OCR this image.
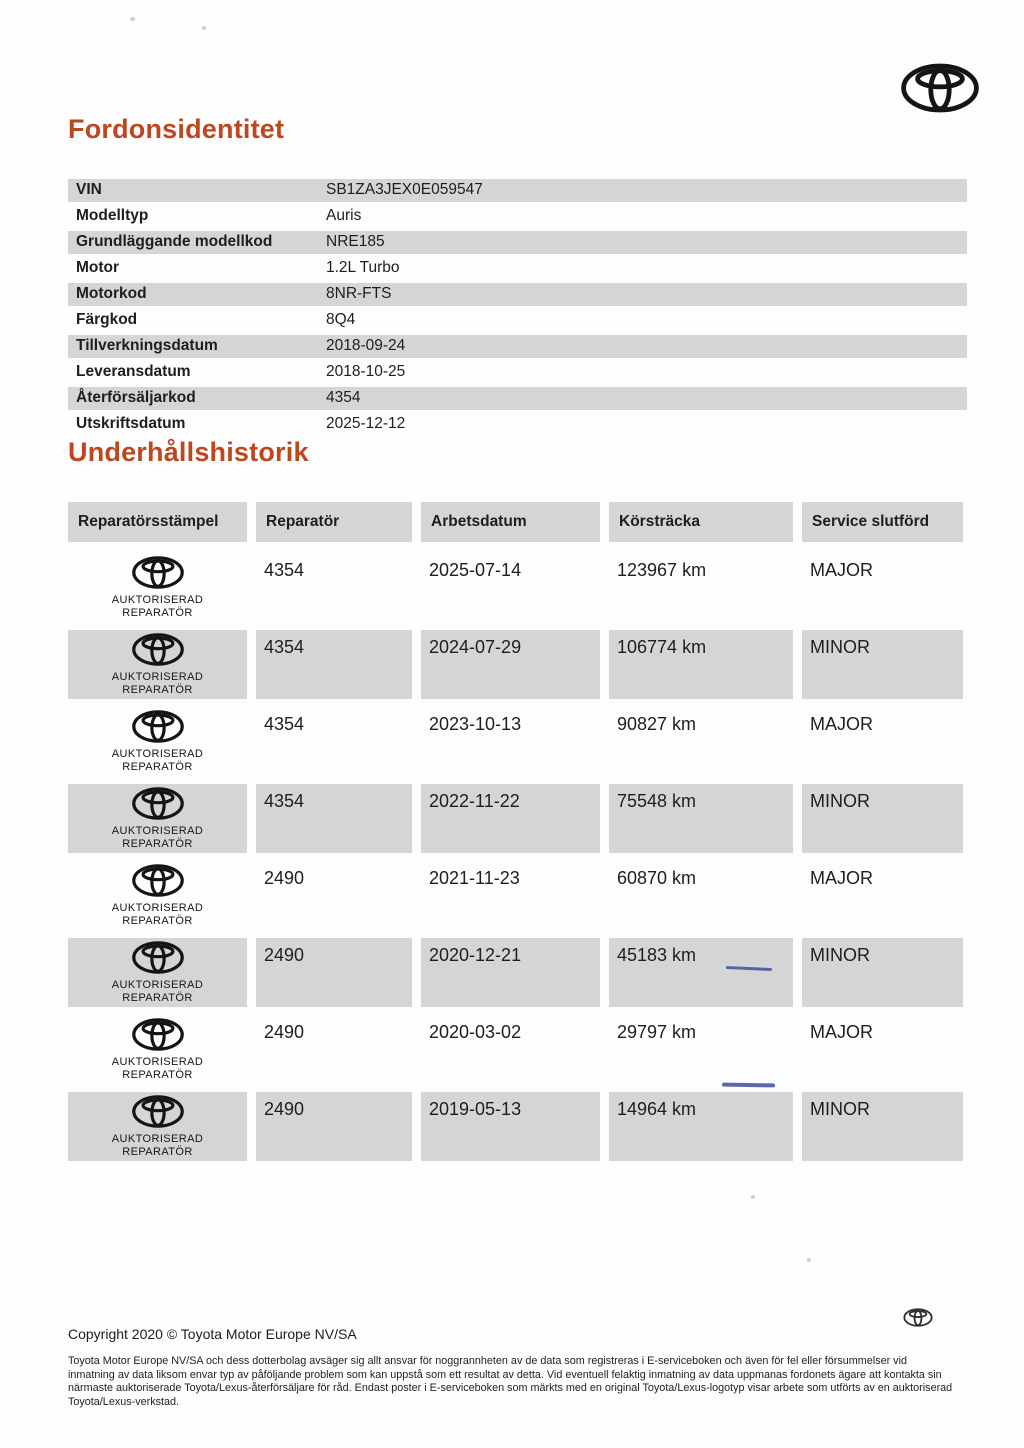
Fordonsidentitet
VIN	SB1ZA3JEX0E059547
Modelltyp	Auris
Grundläggande modellkod	NRE185
Motor	1.2L Turbo
Motorkod	8NR-FTS
Färgkod	8Q4
Tillverkningsdatum	2018-09-24
Leveransdatum	2018-10-25
Återförsäljarkod	4354
Utskriftsdatum	2025-12-12
Underhållshistorik
Reparatörsstämpel	Reparatör	Arbetsdatum	Körsträcka	Service slutförd
AUKTORISERAD
REPARATÖR
4354	2025-07-14	123967 km	MAJOR
AUKTORISERAD
REPARATÖR
4354	2024-07-29	106774 km	MINOR
AUKTORISERAD
REPARATÖR
4354	2023-10-13	90827 km	MAJOR
AUKTORISERAD
REPARATÖR
4354	2022-11-22	75548 km	MINOR
AUKTORISERAD
REPARATÖR
2490	2021-11-23	60870 km	MAJOR
AUKTORISERAD
REPARATÖR
2490	2020-12-21	45183 km	MINOR
AUKTORISERAD
REPARATÖR
2490	2020-03-02	29797 km	MAJOR
AUKTORISERAD
REPARATÖR
2490	2019-05-13	14964 km	MINOR
Copyright 2020 © Toyota Motor Europe NV/SA
Toyota Motor Europe NV/SA och dess dotterbolag avsäger sig allt ansvar för noggrannheten av de data som registreras i E-serviceboken och även för fel eller försummelser vid inmatning av data liksom envar typ av påföljande problem som kan uppstå som ett resultat av detta. Vid eventuell felaktig inmatning av data uppmanas fordonets ägare att kontakta sin närmaste auktoriserade Toyota/Lexus-återförsäljare för råd. Endast poster i E-serviceboken som märkts med en original Toyota/Lexus-logotyp visar arbete som utförts av en auktoriserad Toyota/Lexus-verkstad.
